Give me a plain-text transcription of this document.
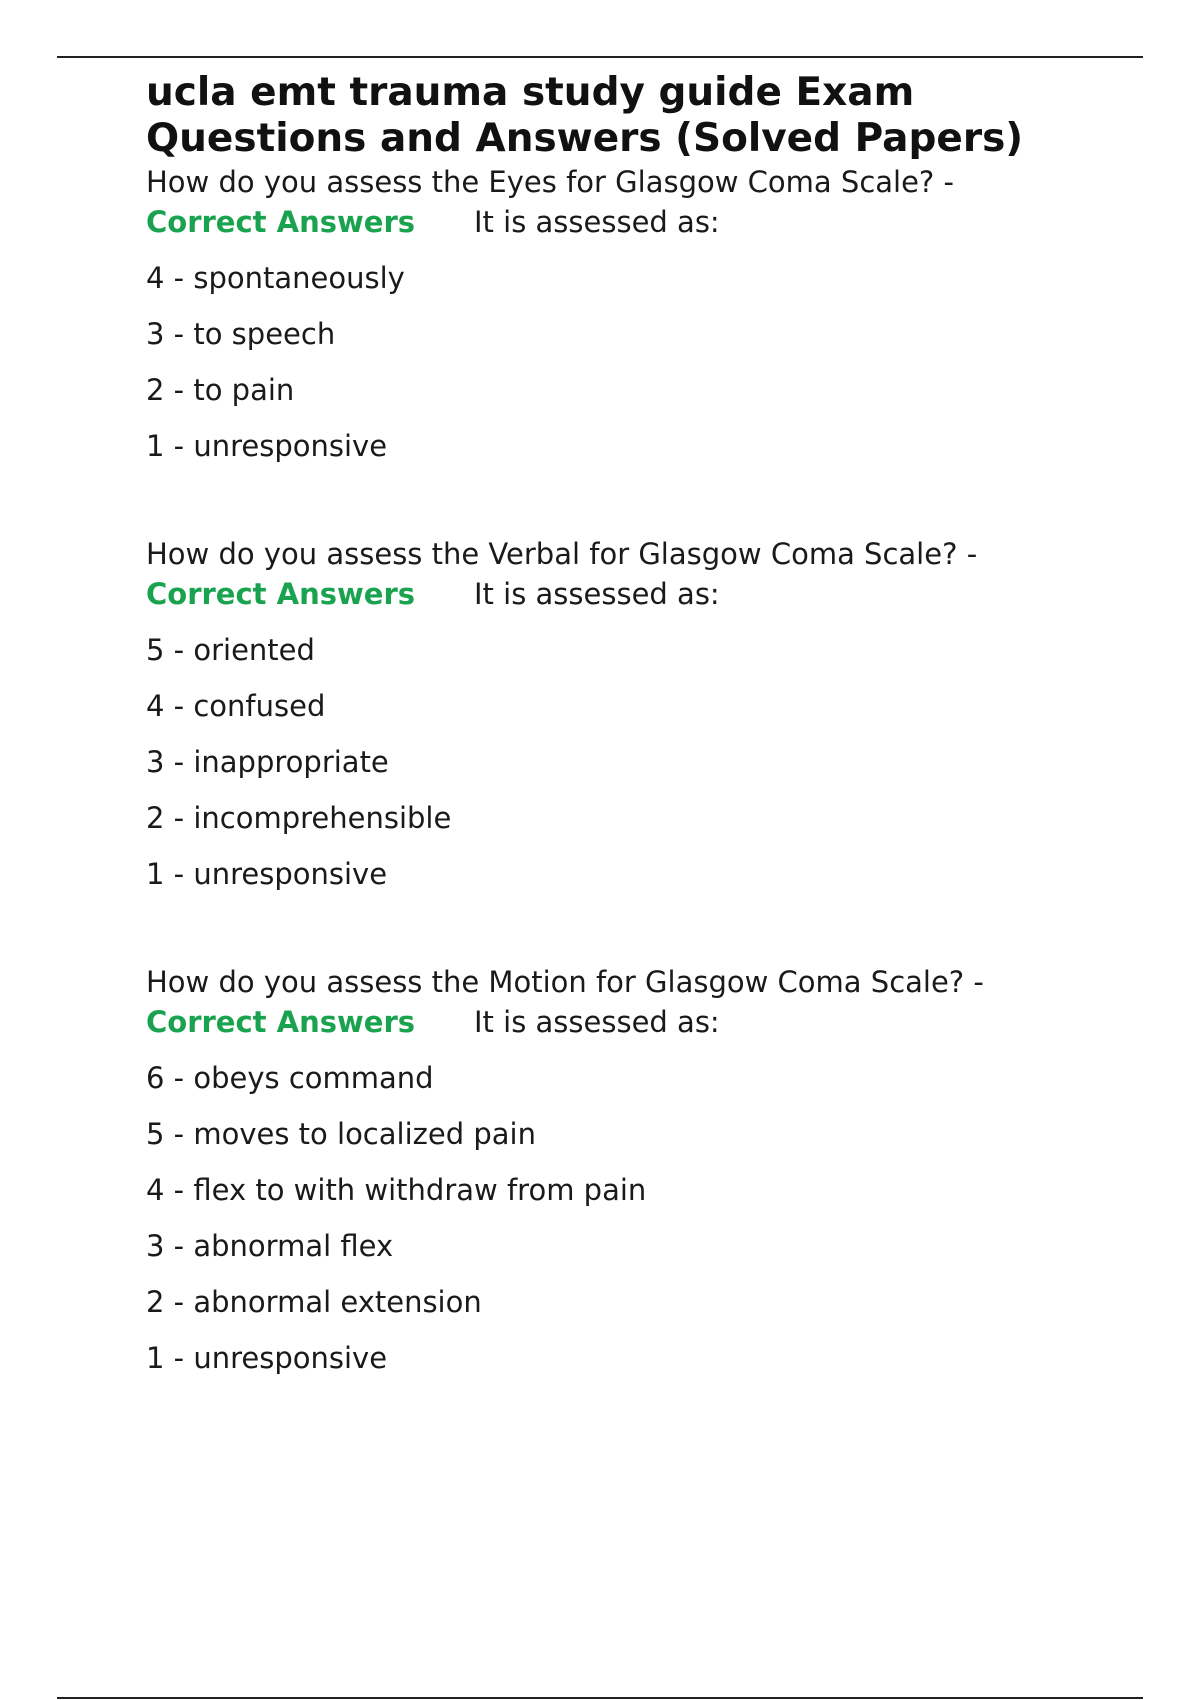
ucla emt trauma study guide Exam Questions and Answers (Solved Papers)

How do you assess the Eyes for Glasgow Coma Scale? -
Correct Answers It is assessed as:

4 - spontaneously
3 - to speech
2 - to pain
1 - unresponsive

How do you assess the Verbal for Glasgow Coma Scale? -
Correct Answers It is assessed as:

5 - oriented
4 - confused
3 - inappropriate
2 - incomprehensible
1 - unresponsive

How do you assess the Motion for Glasgow Coma Scale? -
Correct Answers It is assessed as:

6 - obeys command
5 - moves to localized pain
4 - flex to with withdraw from pain
3 - abnormal flex
2 - abnormal extension
1 - unresponsive
